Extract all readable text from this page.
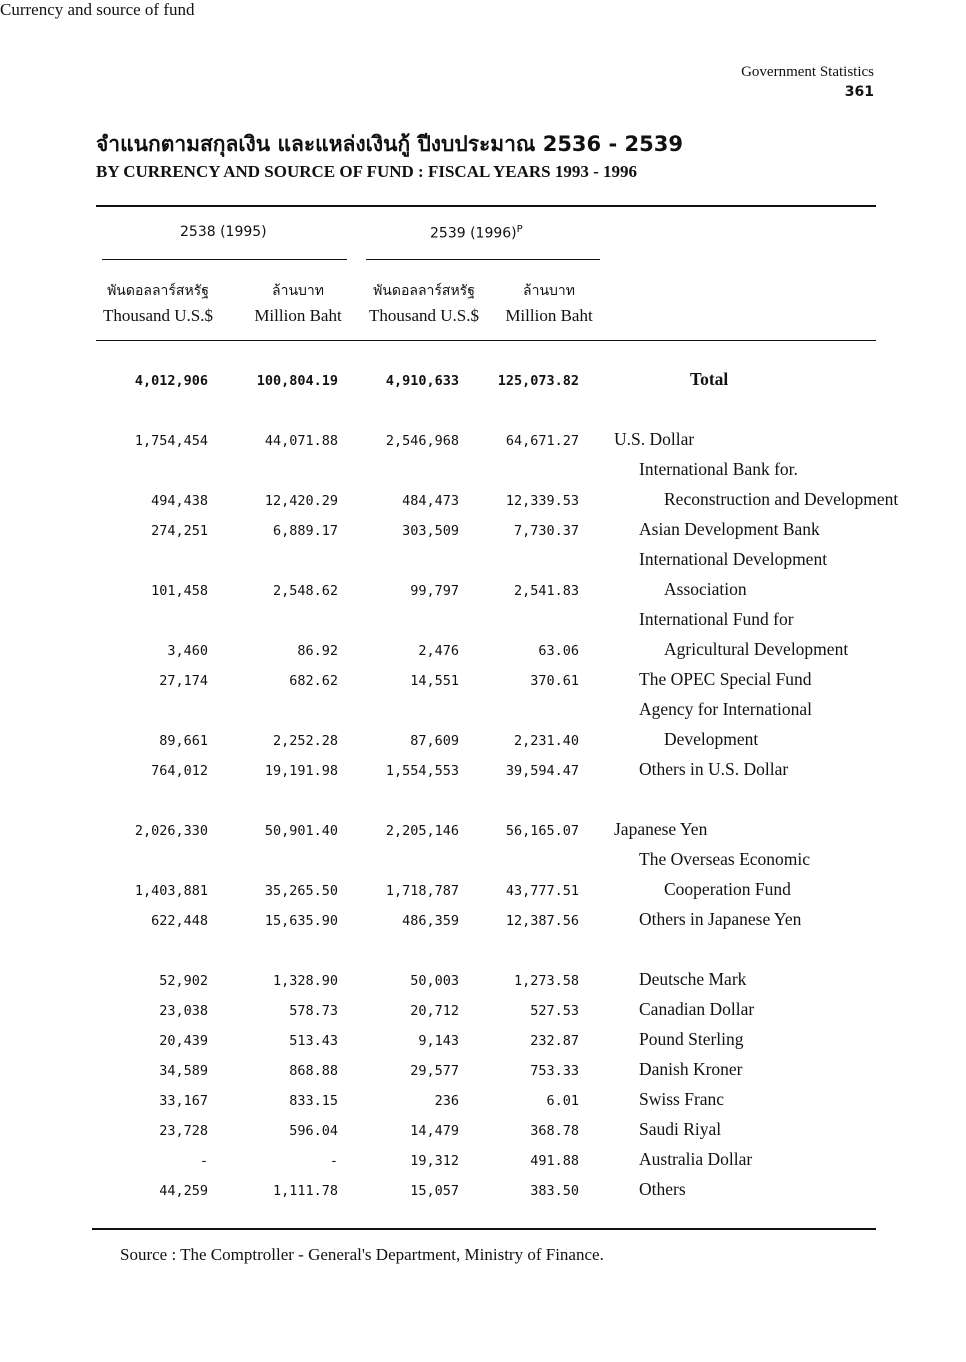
Government Statistics
361
จำแนกตามสกุลเงิน และแหล่งเงินกู้ ปีงบประมาณ 2536 - 2539
BY CURRENCY AND SOURCE OF FUND : FISCAL YEARS 1993 - 1996
2538 (1995)	2539 $(1996)^P$
พันดอลลาร์สหรัฐ
Thousand U.S.$
ล้านบาท
Million Baht
พันดอลลาร์สหรัฐ
Thousand U.S.$
ล้านบาท
Million Baht
Currency and source of fund
4,012,906	100,804.19	4,910,633	125,073.82	Total
1,754,454	44,071.88	2,546,968	64,671.27 U.S. Dollar
International Bank for.
494,438	12,420.29	484,473	12,339.53	Reconstruction and Development
274,251	6,889.17	303,509	7,730.37	Asian Development Bank
International Development
101,458	2,548.62	99,797	2,541.83	Association
International Fund for
3,460	86.92	2,476	63.06	Agricultural Development
27,174	682.62	14,551	370.61	The OPEC Special Fund
Agency for International
89,661	2,252.28	87,609	2,231.40	Development
764,012	19,191.98	1,554,553	39,594.47	Others in U.S. Dollar
2,026,330	50,901.40	2,205,146	56,165.07 Japanese Yen
The Overseas Economic
1,403,881	35,265.50	1,718,787	43,777.51	Cooperation Fund
622,448	15,635.90	486,359	12,387.56	Others in Japanese Yen
52,902	1,328.90	50,003	1,273.58	Deutsche Mark
23,038	578.73	20,712	527.53	Canadian Dollar
20,439	513.43	9,143	232.87	Pound Sterling
34,589	868.88	29,577	753.33	Danish Kroner
33,167	833.15	236	6.01	Swiss Franc
23,728	596.04	14,479	368.78	Saudi Riyal
-	-	19,312	491.88	Australia Dollar
44,259	1,111.78	15,057	383.50	Others
Source : The Comptroller - General's Department, Ministry of Finance.
